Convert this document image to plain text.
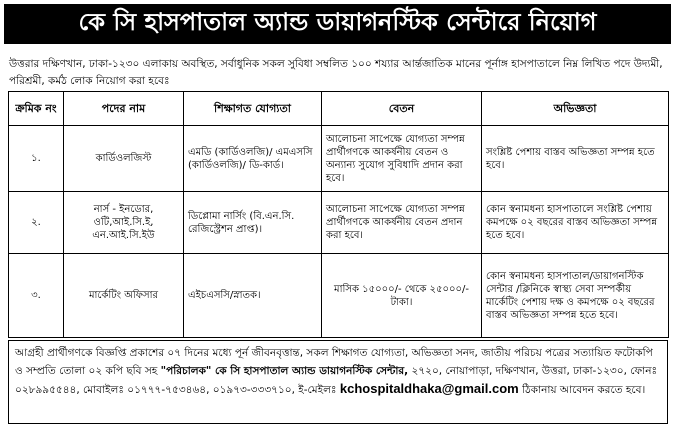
কে সি হাসপাতাল অ্যান্ড ডায়াগনস্টিক সেন্টারে নিয়োগ
উত্তরার দক্ষিণখান, ঢাকা-১২৩০ এলাকায় অবস্থিত, সর্বাধুনিক সকল সুবিধা সম্বলিত ১০০ শয্যার আর্ন্তজাতিক মানের পূর্নাঙ্গ হাসপাতালে নিম্ন লিখিত পদে উদ্যমী, পরিশ্রমী, কর্মঠ লোক নিয়োগ করা হবেঃ
ক্রমিক নং	পদের নাম	শিক্ষাগত যোগ্যতা	বেতন	অভিজ্ঞতা
১.	কার্ডিওলজিস্ট	এমডি (কার্ডিওলজি)/ এমএসসি (কার্ডিওলজি)/ ডি-কার্ড।	আলোচনা সাপেক্ষে যোগ্যতা সম্পন্ন প্রার্থীগণকে আকর্ষনীয় বেতন ও অন্যান্য সুযোগ সুবিধাদি প্রদান করা হবে।	সংশ্লিষ্ট পেশায় বাস্তব অভিজ্ঞতা সম্পন্ন হতে হবে।
২.	নার্স - ইনডোর, ওটি,আই.সি.ই, এন.আই.সি.ইউ	ডিপ্লোমা নার্সিং (বি.এন.সি. রেজিস্ট্রেশন প্রাপ্ত)।	আলোচনা সাপেক্ষে যোগ্যতা সম্পন্ন প্রার্থীগণকে আকর্ষনীয় বেতন প্রদান করা হবে।	কোন স্বনামধন্য হাসপাতালে সংশ্লিষ্ট পেশায় কমপক্ষে ০২ বছরের বাস্তব অভিজ্ঞতা সম্পন্ন হতে হবে।
৩.	মার্কেটিং অফিসার	এইচএসসি/স্নাতক।	মাসিক ১৫০০০/- থেকে ২৫০০০/- টাকা।	কোন স্বনামধন্য হাসপাতাল/ডায়াগনস্টিক সেন্টার /ক্লিনিকে স্বাস্থ্য সেবা সম্পর্কীয় মার্কেটিং পেশায় দক্ষ ও কমপক্ষে ০২ বছরের বাস্তব অভিজ্ঞতা সম্পন্ন হতে হবে।
আগ্রহী প্রার্থীগণকে বিজ্ঞপ্তি প্রকাশের ০৭ দিনের মধ্যে পূর্ন জীবনবৃত্তান্ত, সকল শিক্ষাগত যোগ্যতা, অভিজ্ঞতা সনদ, জাতীয় পরিচয় পত্রের সত্যায়িত ফটোকপি ও সম্প্রতি তোলা ০২ কপি ছবি সহ "পরিচালক" কে সি হাসপাতাল অ্যান্ড ডায়াগনস্টিক সেন্টার, ২৭২০, নোয়াপাড়া, দক্ষিণখান, উত্তরা, ঢাকা-১২৩০, ফোনঃ ০২৮৯৯৫৫৪৪, মোবাইলঃ ০১৭৭৭-৭৫৩৪৬৪, ০১৯৭৩-৩৩৩৭১০, ই-মেইলঃ kchospitaldhaka@gmail.com ঠিকানায় আবেদন করতে হবে।
